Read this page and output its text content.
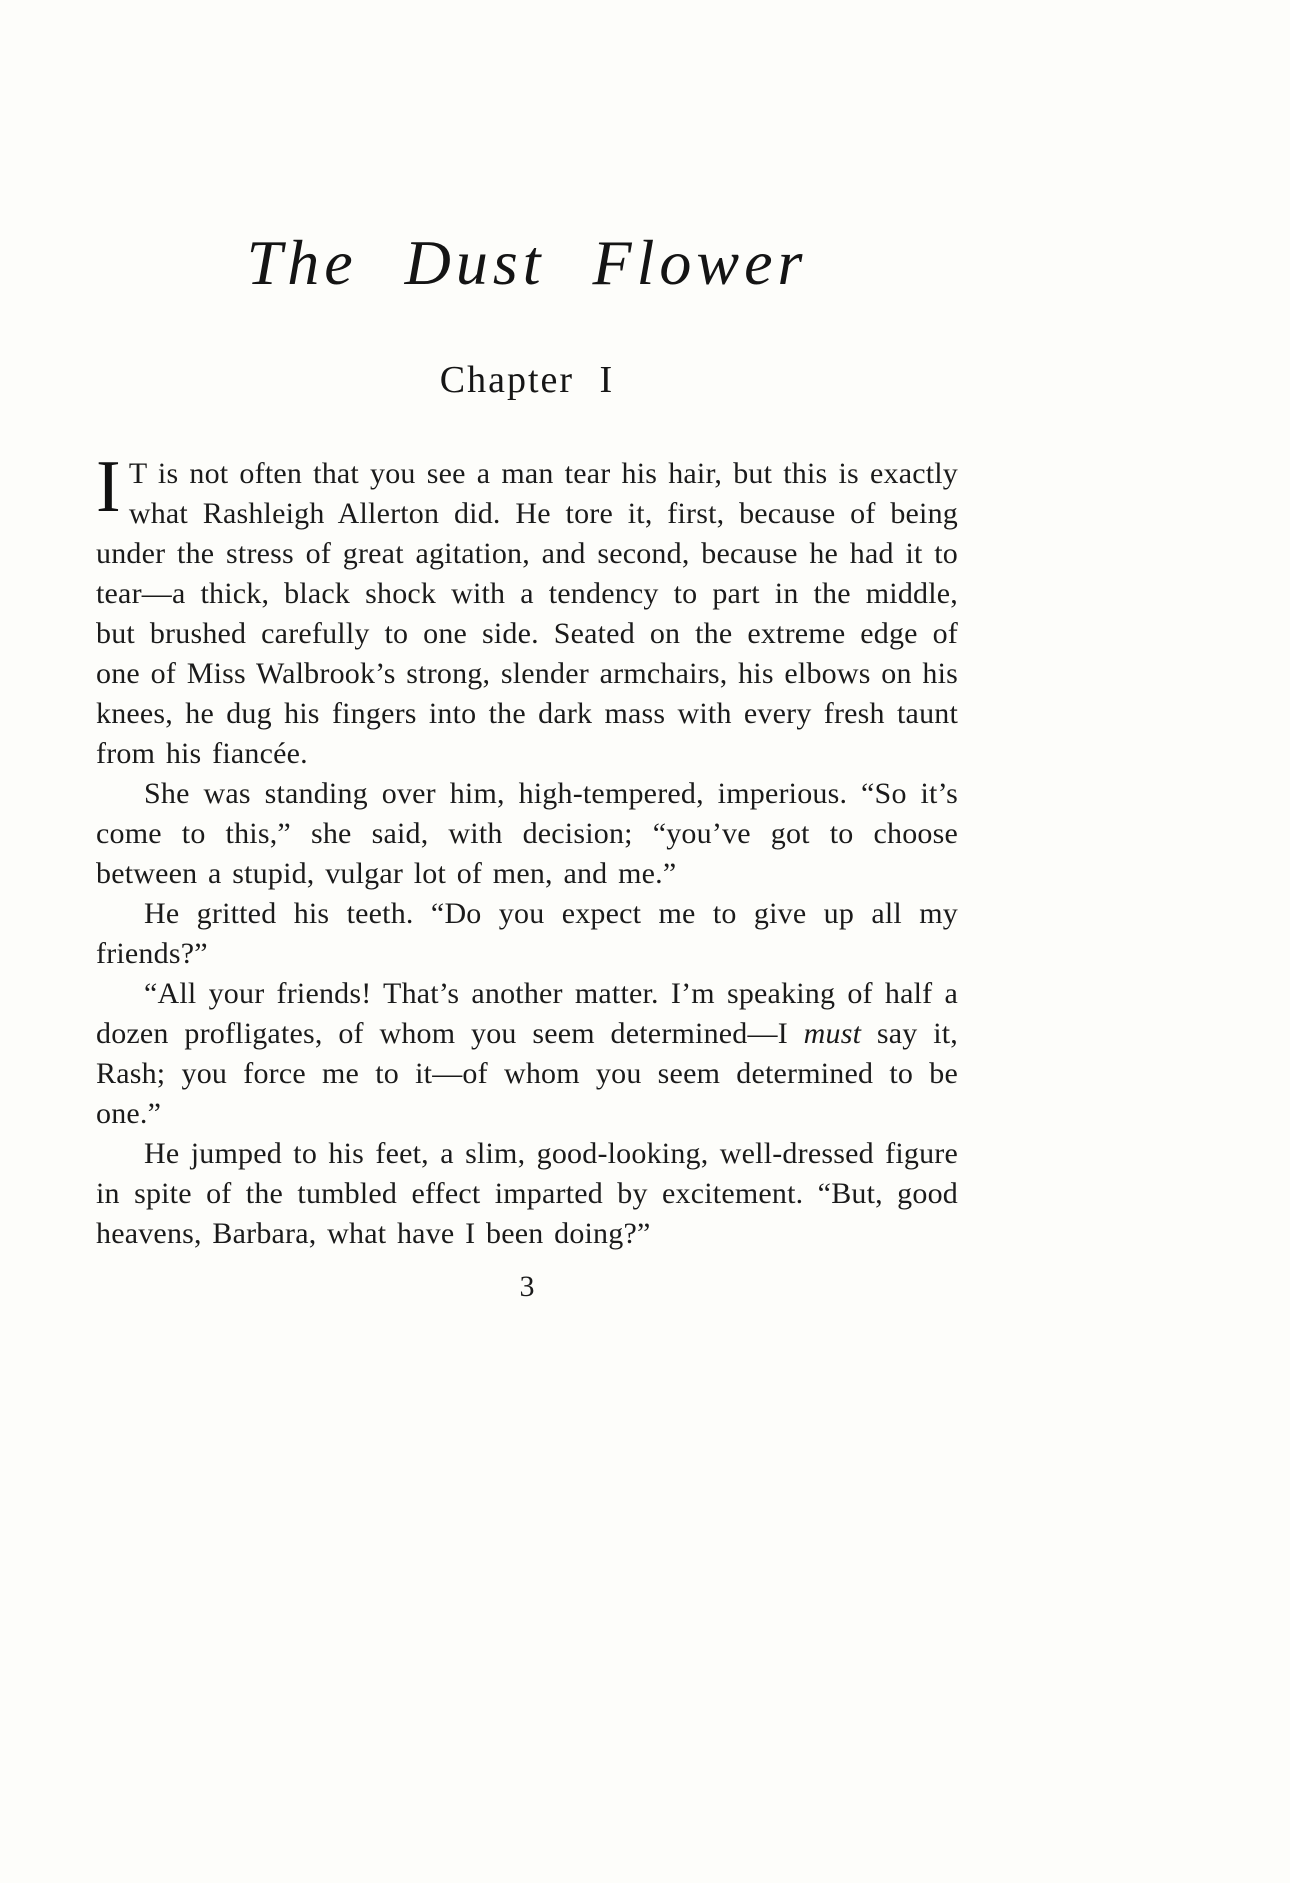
The Dust Flower
Chapter I

I T is not often that you see a man tear his hair, but this is exactly what Rashleigh Allerton did. He tore it, first, because of being under the stress of great agitation, and second, because he had it to tear—a thick, black shock with a tendency to part in the middle, but brushed carefully to one side. Seated on the extreme edge of one of Miss Walbrook’s strong, slender armchairs, his elbows on his knees, he dug his fingers into the dark mass with every fresh taunt from his fiancée.

She was standing over him, high-tempered, imperious. “So it’s come to this,” she said, with decision; “you’ve got to choose between a stupid, vulgar lot of men, and me.”

He gritted his teeth. “Do you expect me to give up all my friends?”

“All your friends! That’s another matter. I’m speaking of half a dozen profligates, of whom you seem determined—I must say it, Rash; you force me to it—of whom you seem determined to be one.”

He jumped to his feet, a slim, good-looking, well-dressed figure in spite of the tumbled effect imparted by excitement. “But, good heavens, Barbara, what have I been doing?”

3
